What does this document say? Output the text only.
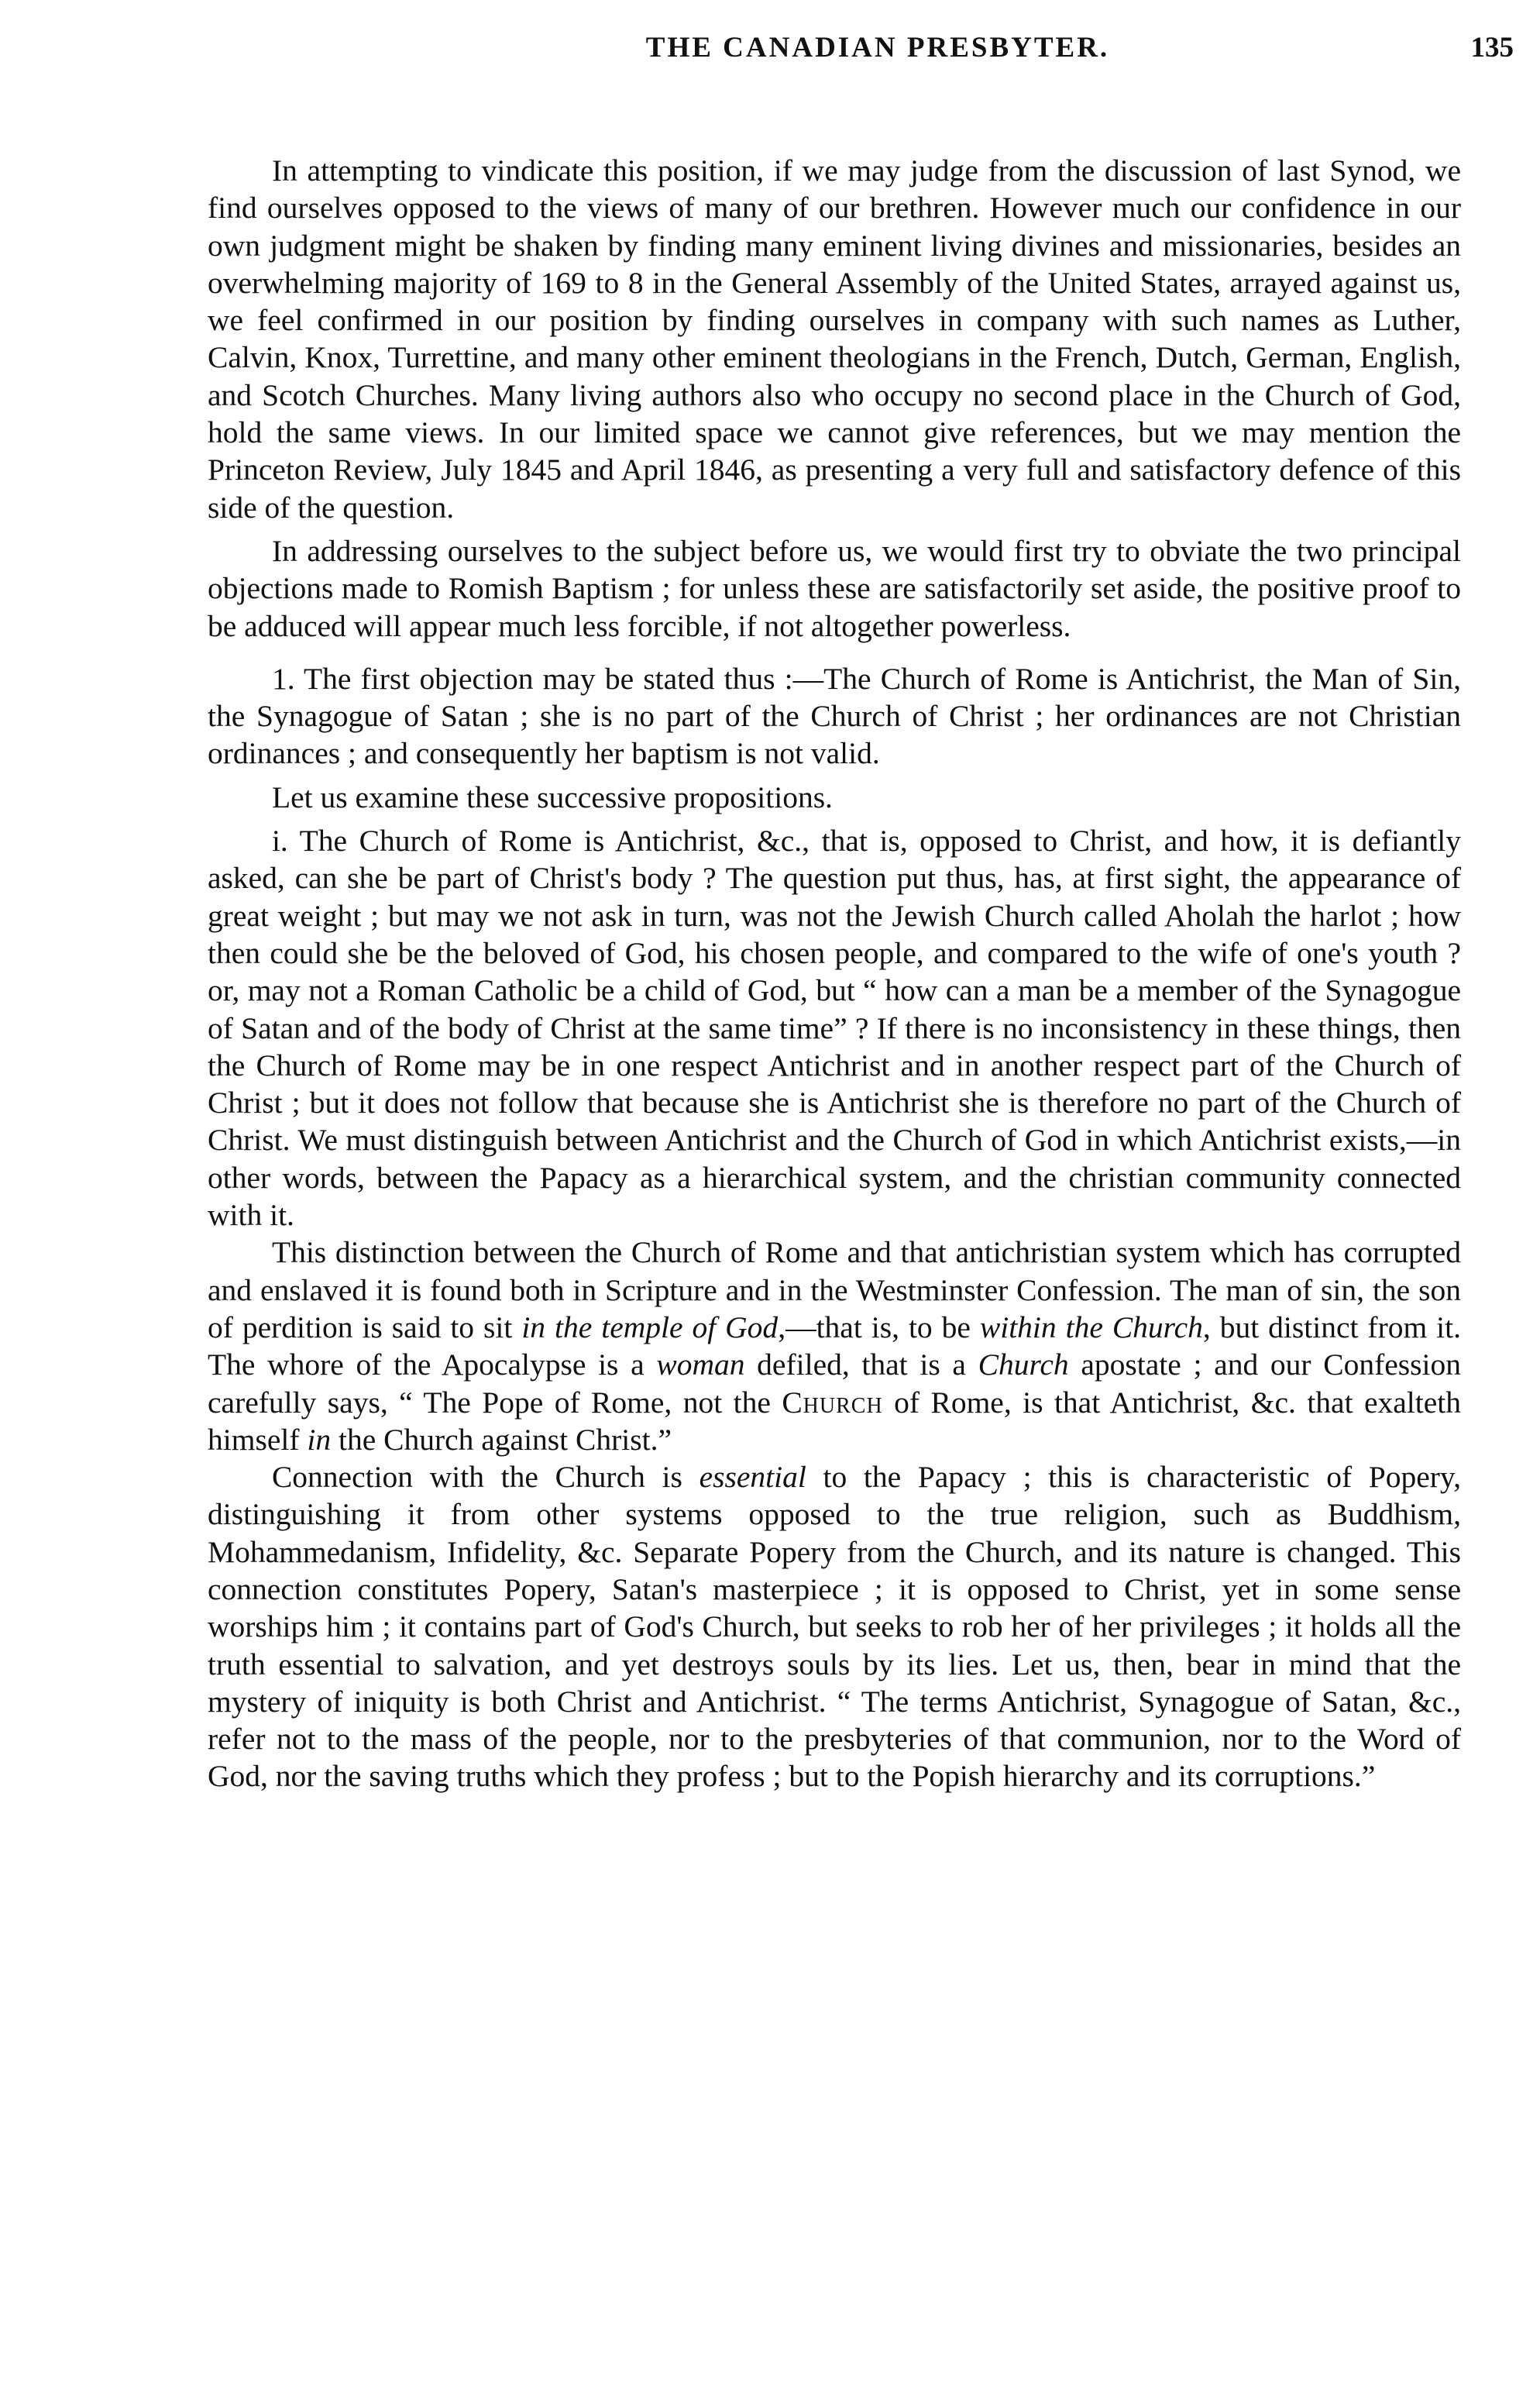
THE CANADIAN PRESBYTER.	135

In attempting to vindicate this position, if we may judge from the discussion of last Synod, we find ourselves opposed to the views of many of our brethren. However much our confidence in our own judgment might be shaken by finding many eminent living divines and missionaries, besides an overwhelming majority of 169 to 8 in the General Assembly of the United States, arrayed against us, we feel confirmed in our position by finding ourselves in company with such names as Luther, Calvin, Knox, Turrettine, and many other eminent theologians in the French, Dutch, German, English, and Scotch Churches. Many living authors also who occupy no second place in the Church of God, hold the same views. In our limited space we cannot give references, but we may mention the Princeton Review, July 1845 and April 1846, as presenting a very full and satisfactory defence of this side of the question.

In addressing ourselves to the subject before us, we would first try to obviate the two principal objections made to Romish Baptism ; for unless these are satisfactorily set aside, the positive proof to be adduced will appear much less forcible, if not altogether powerless.

1. The first objection may be stated thus :—The Church of Rome is Antichrist, the Man of Sin, the Synagogue of Satan ; she is no part of the Church of Christ ; her ordinances are not Christian ordinances ; and consequently her baptism is not valid.

Let us examine these successive propositions.

i. The Church of Rome is Antichrist, &c., that is, opposed to Christ, and how, it is defiantly asked, can she be part of Christ's body ? The question put thus, has, at first sight, the appearance of great weight ; but may we not ask in turn, was not the Jewish Church called Aholah the harlot ; how then could she be the beloved of God, his chosen people, and compared to the wife of one's youth ? or, may not a Roman Catholic be a child of God, but “ how can a man be a member of the Synagogue of Satan and of the body of Christ at the same time” ? If there is no inconsistency in these things, then the Church of Rome may be in one respect Antichrist and in another respect part of the Church of Christ ; but it does not follow that because she is Antichrist she is therefore no part of the Church of Christ. We must distinguish between Antichrist and the Church of God in which Antichrist exists,—in other words, between the Papacy as a hierarchical system, and the christian community connected with it.

This distinction between the Church of Rome and that antichristian system which has corrupted and enslaved it is found both in Scripture and in the Westminster Confession. The man of sin, the son of perdition is said to sit in the temple of God,—that is, to be within the Church, but distinct from it. The whore of the Apocalypse is a woman defiled, that is a Church apostate ; and our Confession carefully says, “ The Pope of Rome, not the Church of Rome, is that Antichrist, &c. that exalteth himself in the Church against Christ.”

Connection with the Church is essential to the Papacy ; this is characteristic of Popery, distinguishing it from other systems opposed to the true religion, such as Buddhism, Mohammedanism, Infidelity, &c. Separate Popery from the Church, and its nature is changed. This connection constitutes Popery, Satan's masterpiece ; it is opposed to Christ, yet in some sense worships him ; it contains part of God's Church, but seeks to rob her of her privileges ; it holds all the truth essential to salvation, and yet destroys souls by its lies. Let us, then, bear in mind that the mystery of iniquity is both Christ and Antichrist. “ The terms Antichrist, Synagogue of Satan, &c., refer not to the mass of the people, nor to the presbyteries of that communion, nor to the Word of God, nor the saving truths which they profess ; but to the Popish hierarchy and its corruptions.”
